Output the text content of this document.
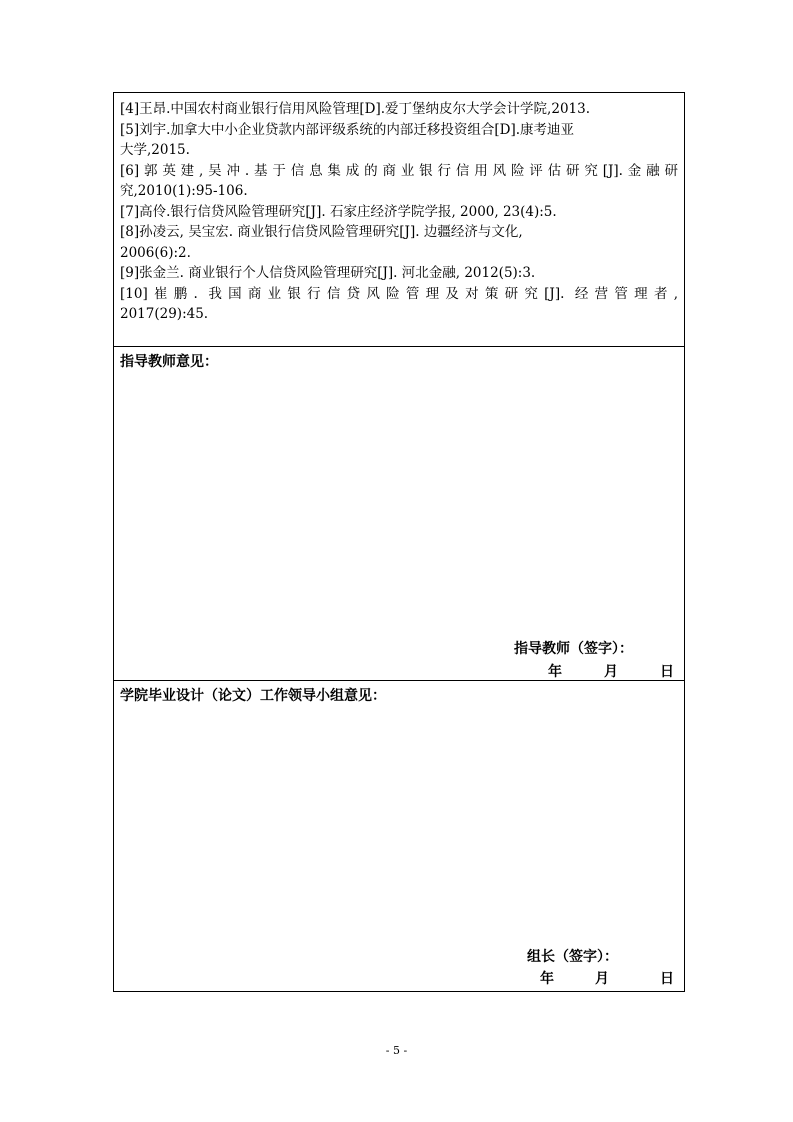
[4]王昂.中国农村商业银行信用风险管理[D].爱丁堡纳皮尔大学会计学院,2013.
[5]刘宇.加拿大中小企业贷款内部评级系统的内部迁移投资组合[D].康考迪亚
大学,2015.
[6]郭英建,吴冲.基于信息集成的商业银行信用风险评估研究[J].金融研
究,2010(1):95-106.
[7]高伶.银行信贷风险管理研究[J]. 石家庄经济学院学报, 2000, 23(4):5.
[8]孙凌云, 吴宝宏. 商业银行信贷风险管理研究[J]. 边疆经济与文化,
2006(6):2.
[9]张金兰. 商业银行个人信贷风险管理研究[J]. 河北金融, 2012(5):3.
[10]崔鹏. 我国商业银行信贷风险管理及对策研究[J]. 经营管理者,
2017(29):45.
指导教师意见：
指导教师（签字）：
年	月	日
学院毕业设计（论文）工作领导小组意见：
组长（签字）：
年	月	日
- 5 -
